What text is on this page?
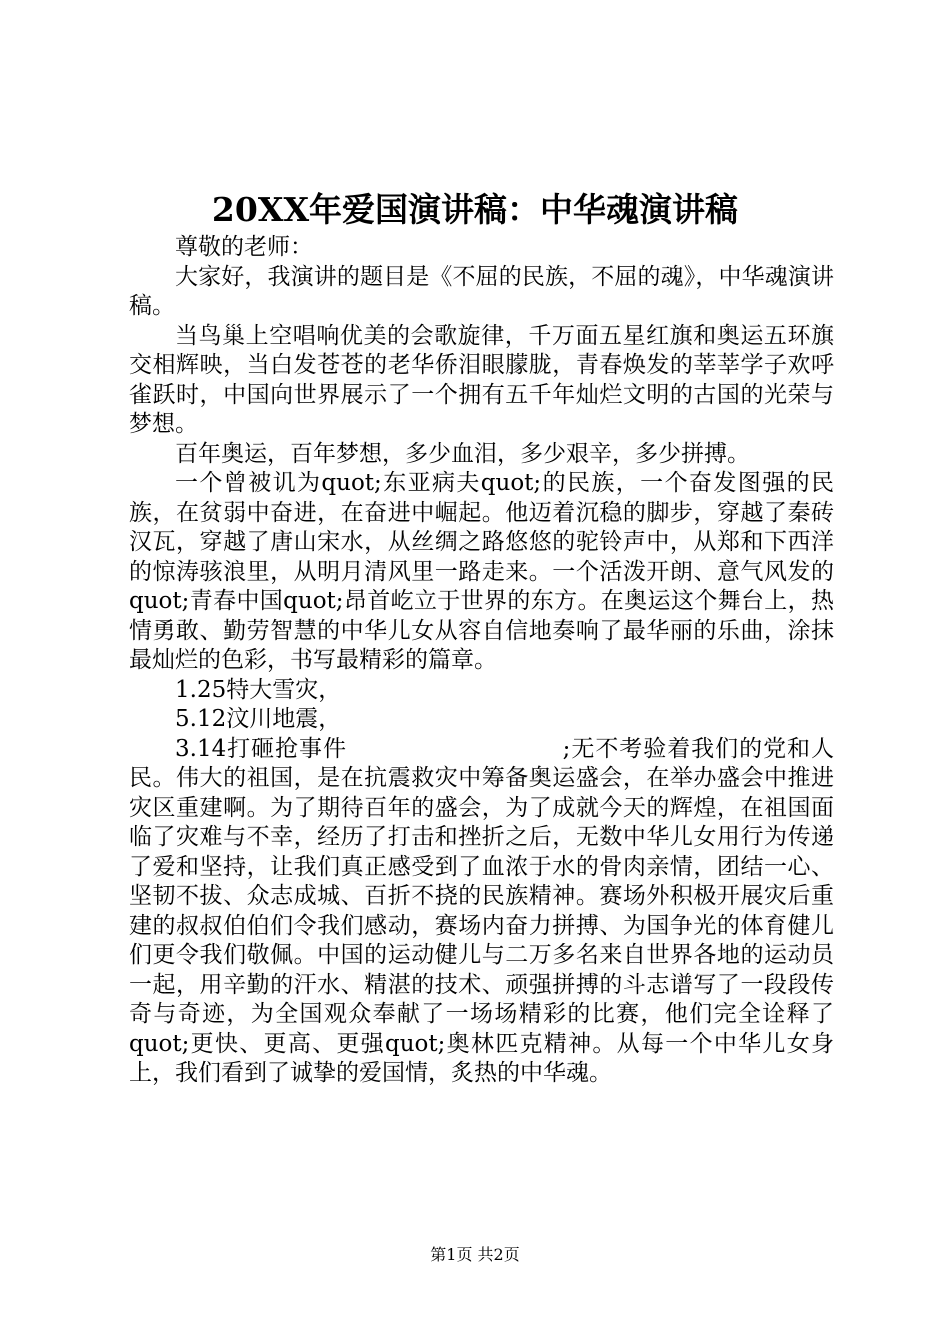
20XX年爱国演讲稿：中华魂演讲稿

尊敬的老师：

大家好，我演讲的题目是《不屈的民族，不屈的魂》，中华魂演讲稿。

当鸟巢上空唱响优美的会歌旋律，千万面五星红旗和奥运五环旗交相辉映，当白发苍苍的老华侨泪眼朦胧，青春焕发的莘莘学子欢呼雀跃时，中国向世界展示了一个拥有五千年灿烂文明的古国的光荣与梦想。

百年奥运，百年梦想，多少血泪，多少艰辛，多少拼搏。

一个曾被讥为quot;东亚病夫quot;的民族，一个奋发图强的民族，在贫弱中奋进，在奋进中崛起。他迈着沉稳的脚步，穿越了秦砖汉瓦，穿越了唐山宋水，从丝绸之路悠悠的驼铃声中，从郑和下西洋的惊涛骇浪里，从明月清风里一路走来。一个活泼开朗、意气风发的quot;青春中国quot;昂首屹立于世界的东方。在奥运这个舞台上，热情勇敢、勤劳智慧的中华儿女从容自信地奏响了最华丽的乐曲，涂抹最灿烂的色彩，书写最精彩的篇章。

1.25特大雪灾，

5.12汶川地震，

3.14打砸抢事件　　　　　　　　　;无不考验着我们的党和人民。伟大的祖国，是在抗震救灾中筹备奥运盛会，在举办盛会中推进灾区重建啊。为了期待百年的盛会，为了成就今天的辉煌，在祖国面临了灾难与不幸，经历了打击和挫折之后，无数中华儿女用行为传递了爱和坚持，让我们真正感受到了血浓于水的骨肉亲情，团结一心、坚韧不拔、众志成城、百折不挠的民族精神。赛场外积极开展灾后重建的叔叔伯伯们令我们感动，赛场内奋力拼搏、为国争光的体育健儿们更令我们敬佩。中国的运动健儿与二万多名来自世界各地的运动员一起，用辛勤的汗水、精湛的技术、顽强拼搏的斗志谱写了一段段传奇与奇迹，为全国观众奉献了一场场精彩的比赛，他们完全诠释了quot;更快、更高、更强quot;奥林匹克精神。从每一个中华儿女身上，我们看到了诚挚的爱国情，炙热的中华魂。

第1页 共2页
